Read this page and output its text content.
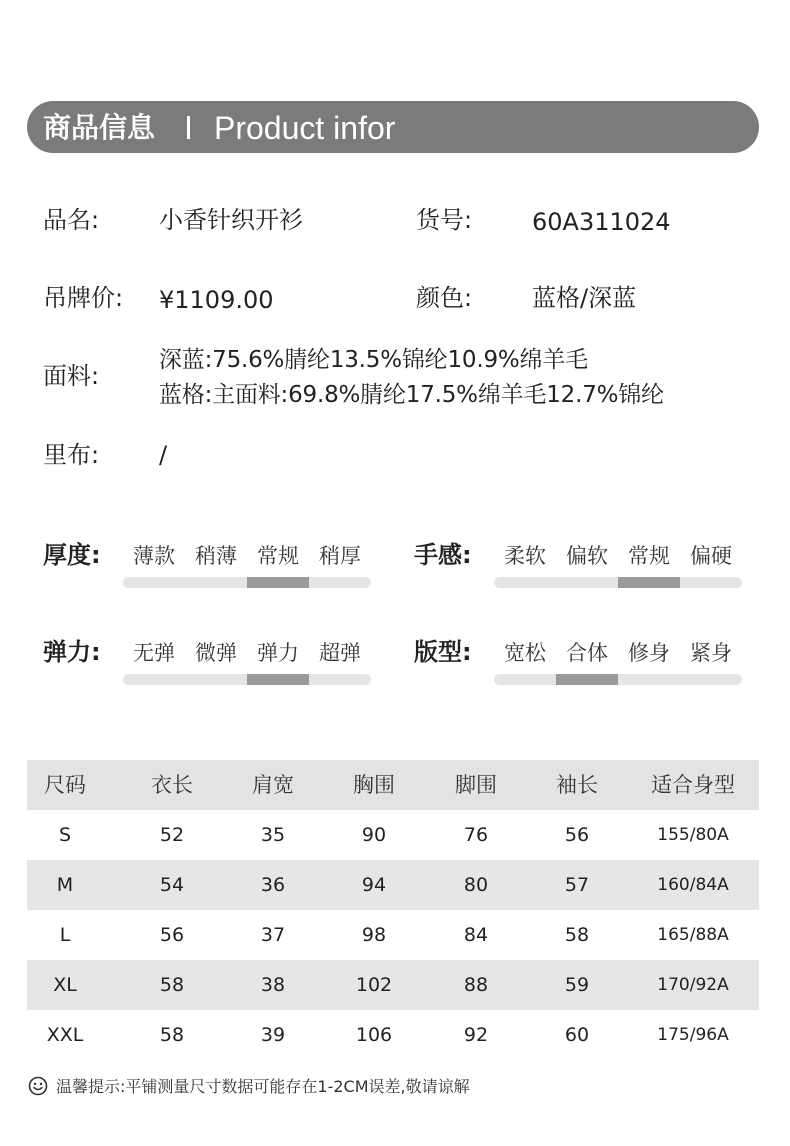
商品信息 Product infor
品名: 小香针织开衫	货号: 60A311024
吊牌价: ¥1109.00	颜色: 蓝格/深蓝
面料:
深蓝:75.6%腈纶13.5%锦纶10.9%绵羊毛
蓝格:主面料:69.8%腈纶17.5%绵羊毛12.7%锦纶
里布: /
尺码	衣长	肩宽	胸围	脚围	袖长	适合身型
S	52	35	90	76	56	155/80A
M	54	36	94	80	57	160/84A
L	56	37	98	84	58	165/88A
XL	58	38	102	88	59	170/92A
XXL	58	39	106	92	60	175/96A
温馨提示:平铺测量尺寸数据可能存在1-2CM误差,敬请谅解
厚度:	薄款 稍薄 常规 稍厚	手感:	柔软 偏软 常规 偏硬
弹力:	无弹 微弹 弹力 超弹	版型:	宽松 合体 修身 紧身
